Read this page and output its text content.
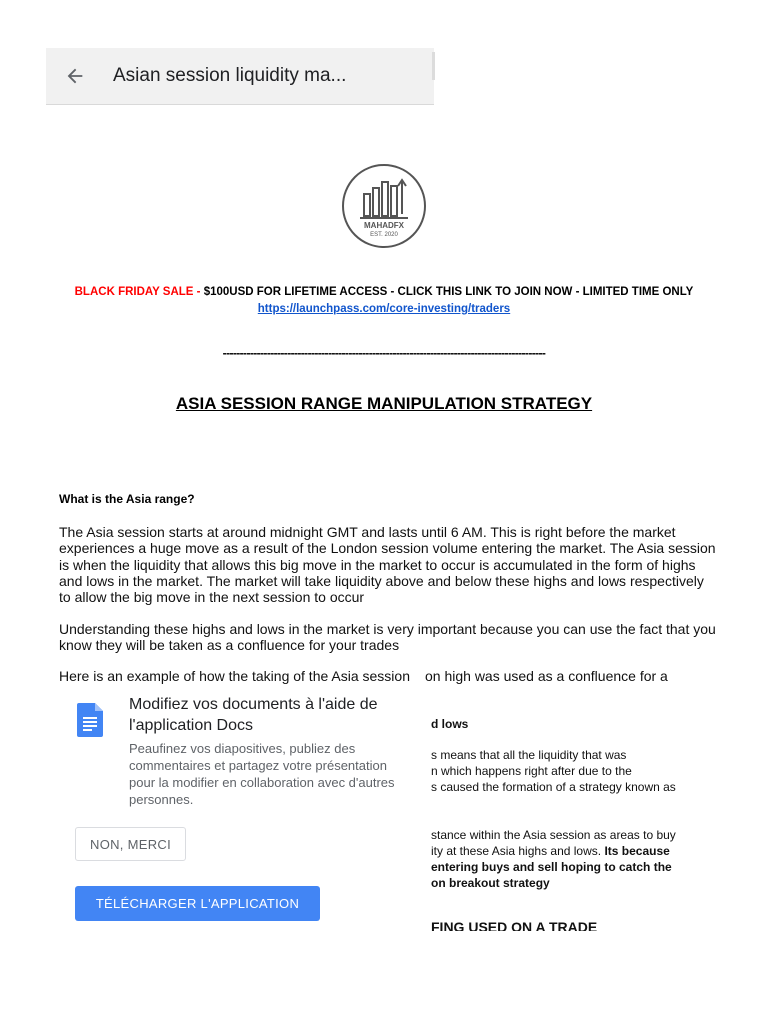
Asian session liquidity ma...
MAHADFX
EST. 2020
BLACK FRIDAY SALE - $100USD FOR LIFETIME ACCESS - CLICK THIS LINK TO JOIN NOW - LIMITED TIME ONLY https://launchpass.com/core-investing/traders
-----------------------------------------------------------------------------------------------
ASIA SESSION RANGE MANIPULATION STRATEGY
What is the Asia range?

The Asia session starts at around midnight GMT and lasts until 6 AM. This is right before the market experiences a huge move as a result of the London session volume entering the market. The Asia session is when the liquidity that allows this big move in the market to occur is accumulated in the form of highs and lows in the market. The market will take liquidity above and below these highs and lows respectively to allow the big move in the next session to occur

Understanding these highs and lows in the market is very important because you can use the fact that you know they will be taken as a confluence for your trades

Here is an example of how the taking of the Asia session on high was used as a confluence for a

d lows
s means that all the liquidity that was
n which happens right after due to the
s caused the formation of a strategy known as
stance within the Asia session as areas to buy
ity at these Asia highs and lows. Its because
entering buys and sell hoping to catch the
on breakout strategy
FING USED ON A TRADE
Modifiez vos documents à l'aide de l'application Docs
Peaufinez vos diapositives, publiez des commentaires et partagez votre présentation pour la modifier en collaboration avec d'autres personnes.
NON, MERCI
TÉLÉCHARGER L'APPLICATION
